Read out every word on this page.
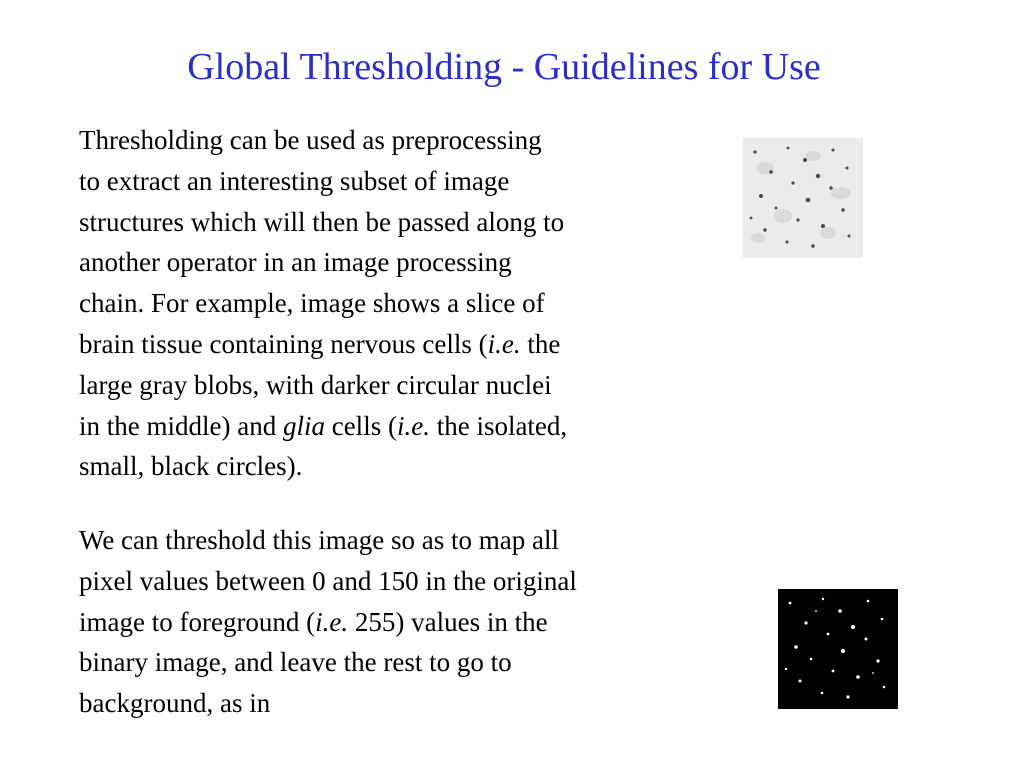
Global Thresholding - Guidelines for Use
Thresholding can be used as preprocessing
to extract an interesting subset of image
structures which will then be passed along to
another operator in an image processing
chain. For example, image shows a slice of
brain tissue containing nervous cells (i.e. the
large gray blobs, with darker circular nuclei
in the middle) and glia cells (i.e. the isolated,
small, black circles).
We can threshold this image so as to map all
pixel values between 0 and 150 in the original
image to foreground (i.e. 255) values in the
binary image, and leave the rest to go to
background, as in
